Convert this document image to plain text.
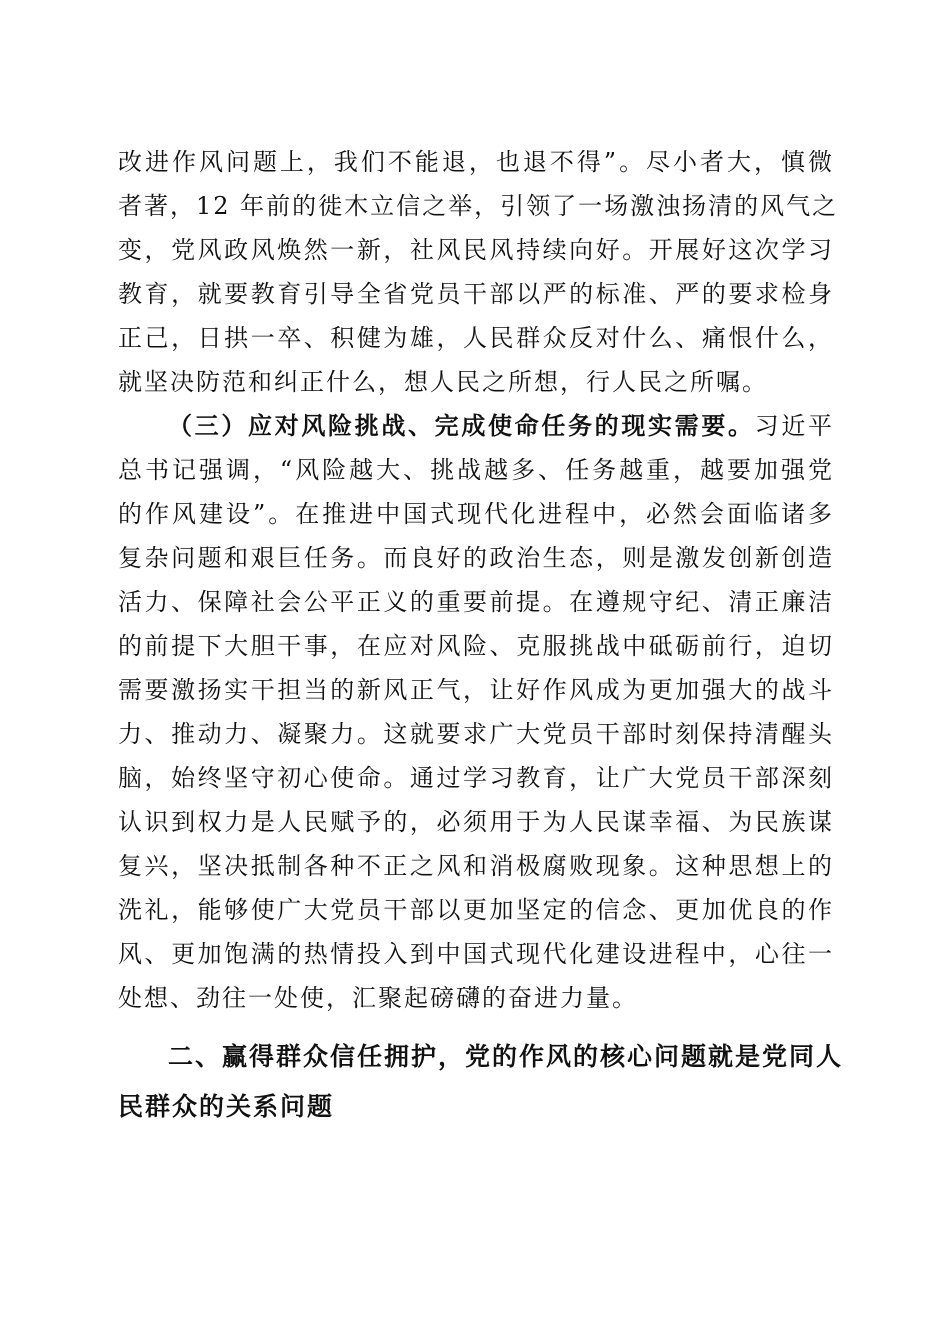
改进作风问题上，我们不能退，也退不得”。尽小者大，慎微
者著，12 年前的徙木立信之举，引领了一场激浊扬清的风气之
变，党风政风焕然一新，社风民风持续向好。开展好这次学习
教育，就要教育引导全省党员干部以严的标准、严的要求检身
正己，日拱一卒、积健为雄，人民群众反对什么、痛恨什么，
就坚决防范和纠正什么，想人民之所想，行人民之所嘱。
（三）应对风险挑战、完成使命任务的现实需要。习近平
总书记强调，“风险越大、挑战越多、任务越重，越要加强党
的作风建设”。在推进中国式现代化进程中，必然会面临诸多
复杂问题和艰巨任务。而良好的政治生态，则是激发创新创造
活力、保障社会公平正义的重要前提。在遵规守纪、清正廉洁
的前提下大胆干事，在应对风险、克服挑战中砥砺前行，迫切
需要激扬实干担当的新风正气，让好作风成为更加强大的战斗
力、推动力、凝聚力。这就要求广大党员干部时刻保持清醒头
脑，始终坚守初心使命。通过学习教育，让广大党员干部深刻
认识到权力是人民赋予的，必须用于为人民谋幸福、为民族谋
复兴，坚决抵制各种不正之风和消极腐败现象。这种思想上的
洗礼，能够使广大党员干部以更加坚定的信念、更加优良的作
风、更加饱满的热情投入到中国式现代化建设进程中，心往一
处想、劲往一处使，汇聚起磅礴的奋进力量。
二、赢得群众信任拥护，党的作风的核心问题就是党同人
民群众的关系问题
